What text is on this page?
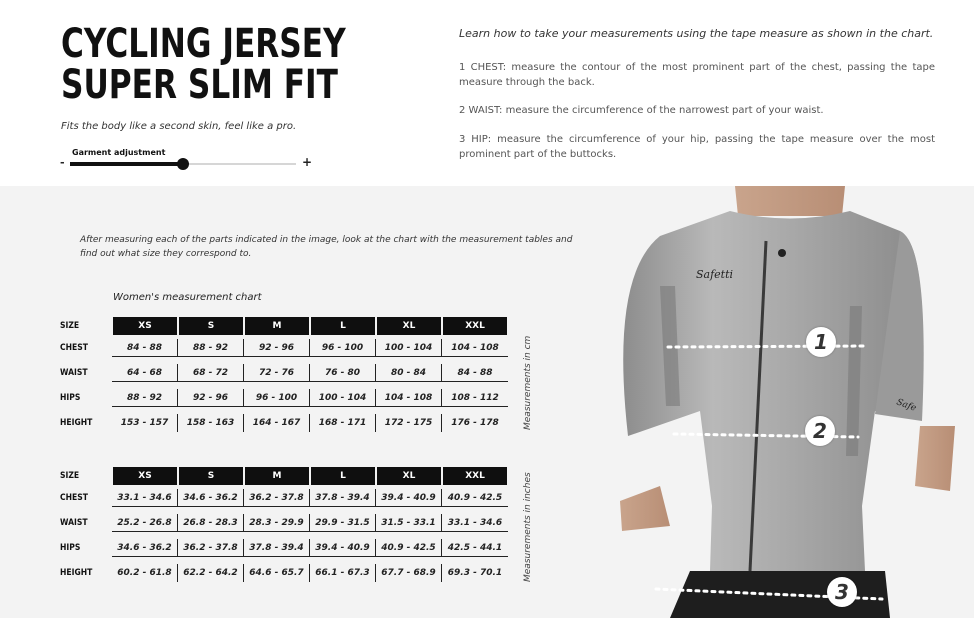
CYCLING JERSEY
SUPER SLIM FIT
Fits the body like a second skin, feel like a pro.
Garment adjustment
-	+
Learn how to take your measurements using the tape measure as shown in the chart.
1 CHEST: measure the contour of the most prominent part of the chest, passing the tape measure through the back.
2 WAIST: measure the circumference of the narrowest part of your waist.
3 HIP: measure the circumference of your hip, passing the tape measure over the most prominent part of the buttocks.
After measuring each of the parts indicated in the image, look at the chart with the measurement tables and find out what size they correspond to.
Women's measurement chart
SIZE	XS	S	M	L	XL	XXL
CHEST	84 - 88	88 - 92	92 - 96	96 - 100	100 - 104	104 - 108
WAIST	64 - 68	68 - 72	72 - 76	76 - 80	80 - 84	84 - 88
HIPS	88 - 92	92 - 96	96 - 100	100 - 104	104 - 108	108 - 112
HEIGHT	153 - 157	158 - 163	164 - 167	168 - 171	172 - 175	176 - 178
SIZE	XS	S	M	L	XL	XXL
CHEST	33.1 - 34.6	34.6 - 36.2	36.2 - 37.8	37.8 - 39.4	39.4 - 40.9	40.9 - 42.5
WAIST	25.2 - 26.8	26.8 - 28.3	28.3 - 29.9	29.9 - 31.5	31.5 - 33.1	33.1 - 34.6
HIPS	34.6 - 36.2	36.2 - 37.8	37.8 - 39.4	39.4 - 40.9	40.9 - 42.5	42.5 - 44.1
HEIGHT	60.2 - 61.8	62.2 - 64.2	64.6 - 65.7	66.1 - 67.3	67.7 - 68.9	69.3 - 70.1
Measurements in cm
Measurements in inches
Safetti
Safe
1
2
3
